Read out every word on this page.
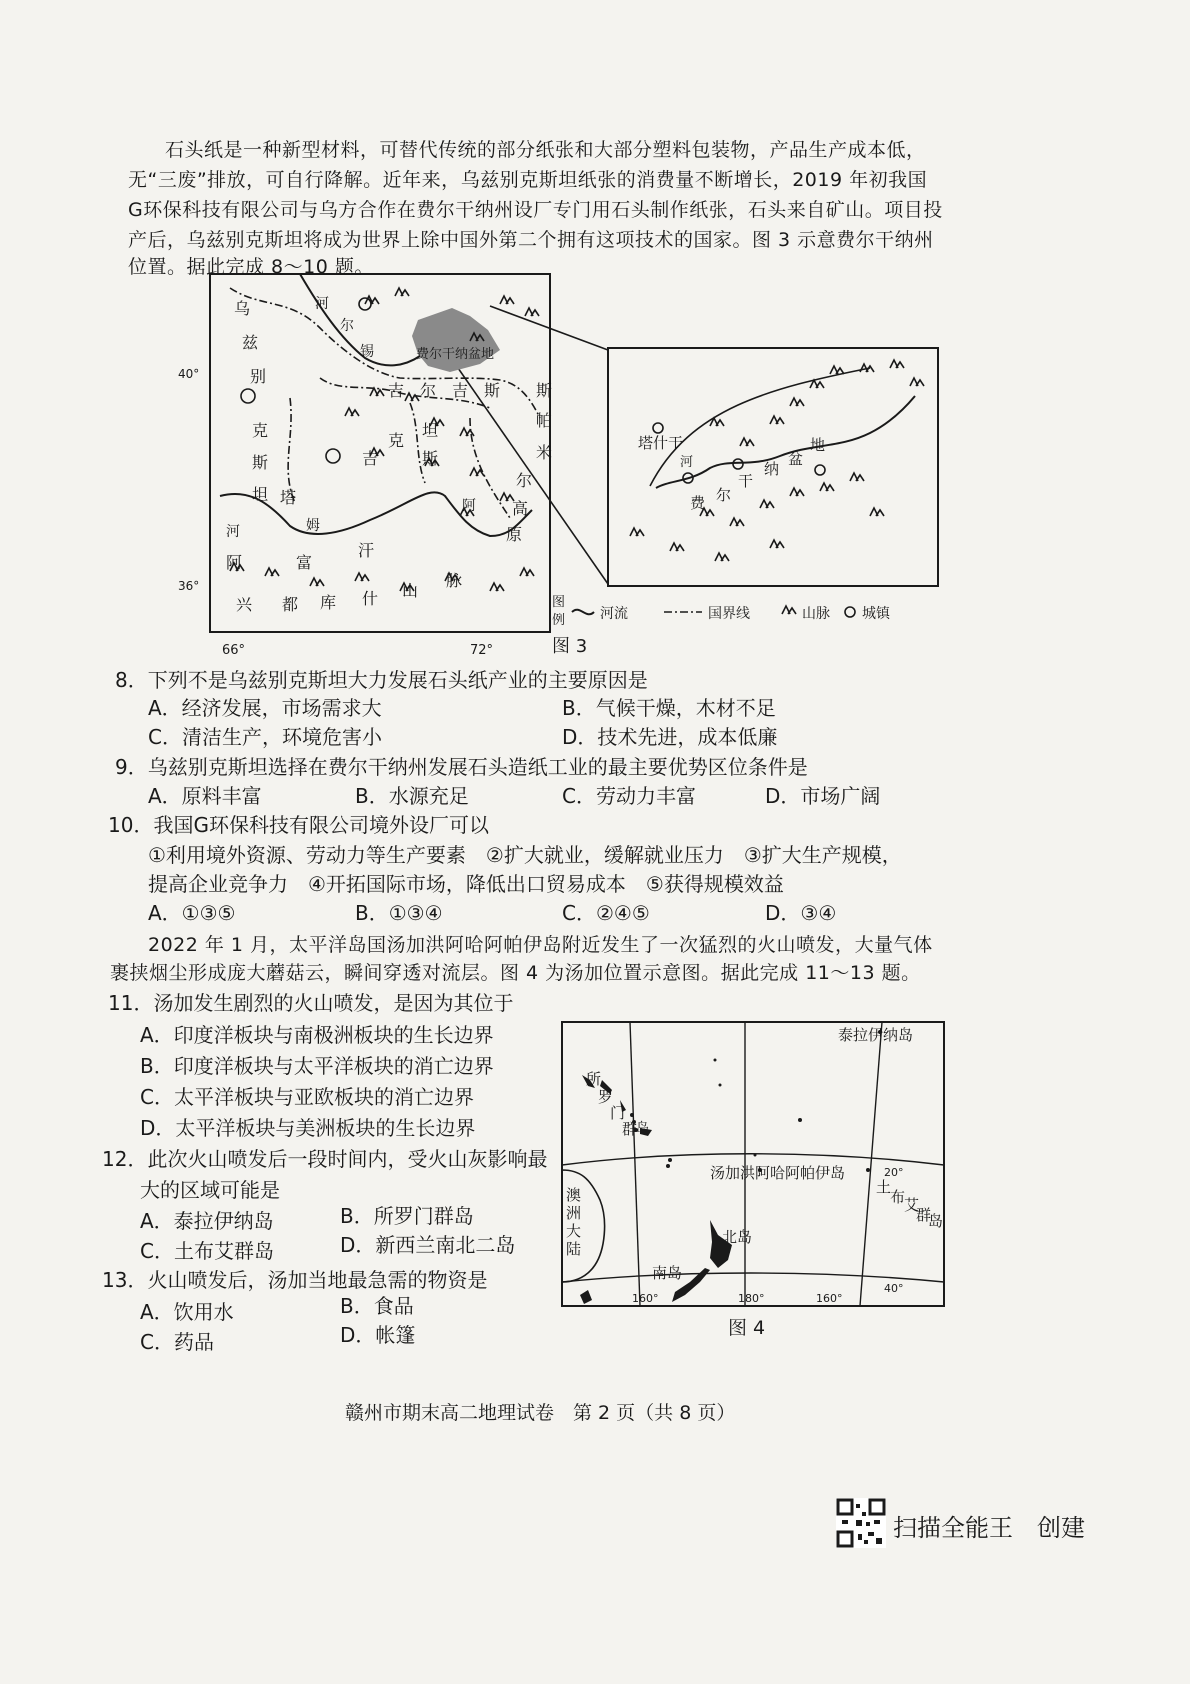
石头纸是一种新型材料，可替代传统的部分纸张和大部分塑料包装物，产品生产成本低，
无“三废”排放，可自行降解。近年来，乌兹别克斯坦纸张的消费量不断增长，2019 年初我国
G环保科技有限公司与乌方合作在费尔干纳州设厂专门用石头制作纸张，石头来自矿山。项目投
产后，乌兹别克斯坦将成为世界上除中国外第二个拥有这项技术的国家。图 3 示意费尔干纳州
位置。据此完成 8～10 题。
40°
36°
66°	72°
乌
兹
别
克
斯
坦
河
尔
锡	费尔干纳盆地
吉尔吉斯 斯
坦
帕
米
尔
高
原
塔
吉
克
斯
阿
姆
河
阿	富
汗
兴 都 库 什 山
脉
塔什干
河
费 尔
干
纳
盆
地
图
例 河流	国界线	山脉 城镇
图 3
8．下列不是乌兹别克斯坦大力发展石头纸产业的主要原因是
A．经济发展，市场需求大	B．气候干燥，木材不足
C．清洁生产，环境危害小	D．技术先进，成本低廉
9．乌兹别克斯坦选择在费尔干纳州发展石头造纸工业的最主要优势区位条件是
A．原料丰富	B．水源充足	C．劳动力丰富	D．市场广阔
10．我国G环保科技有限公司境外设厂可以
①利用境外资源、劳动力等生产要素　②扩大就业，缓解就业压力　③扩大生产规模，
提高企业竞争力　④开拓国际市场，降低出口贸易成本　⑤获得规模效益
A．①③⑤	B．①③④	C．②④⑤	D．③④
2022 年 1 月，太平洋岛国汤加洪阿哈阿帕伊岛附近发生了一次猛烈的火山喷发，大量气体
裹挟烟尘形成庞大蘑菇云，瞬间穿透对流层。图 4 为汤加位置示意图。据此完成 11～13 题。
11．汤加发生剧烈的火山喷发，是因为其位于
A．印度洋板块与南极洲板块的生长边界
B．印度洋板块与太平洋板块的消亡边界
C．太平洋板块与亚欧板块的消亡边界
D．太平洋板块与美洲板块的生长边界
12．此次火山喷发后一段时间内，受火山灰影响最
大的区域可能是
A．泰拉伊纳岛	B．所罗门群岛
C．土布艾群岛	D．新西兰南北二岛
13．火山喷发后，汤加当地最急需的物资是
A．饮用水	B．食品
C．药品	D．帐篷
泰拉伊纳岛
所
罗
门
群
岛
汤加洪阿哈阿帕伊岛
土
布
艾
群
岛
澳
洲
大
陆
北岛
南岛
20°
40°
160°	180°	160°
图 4
赣州市期末高二地理试卷　第 2 页（共 8 页）
扫描全能王　创建
